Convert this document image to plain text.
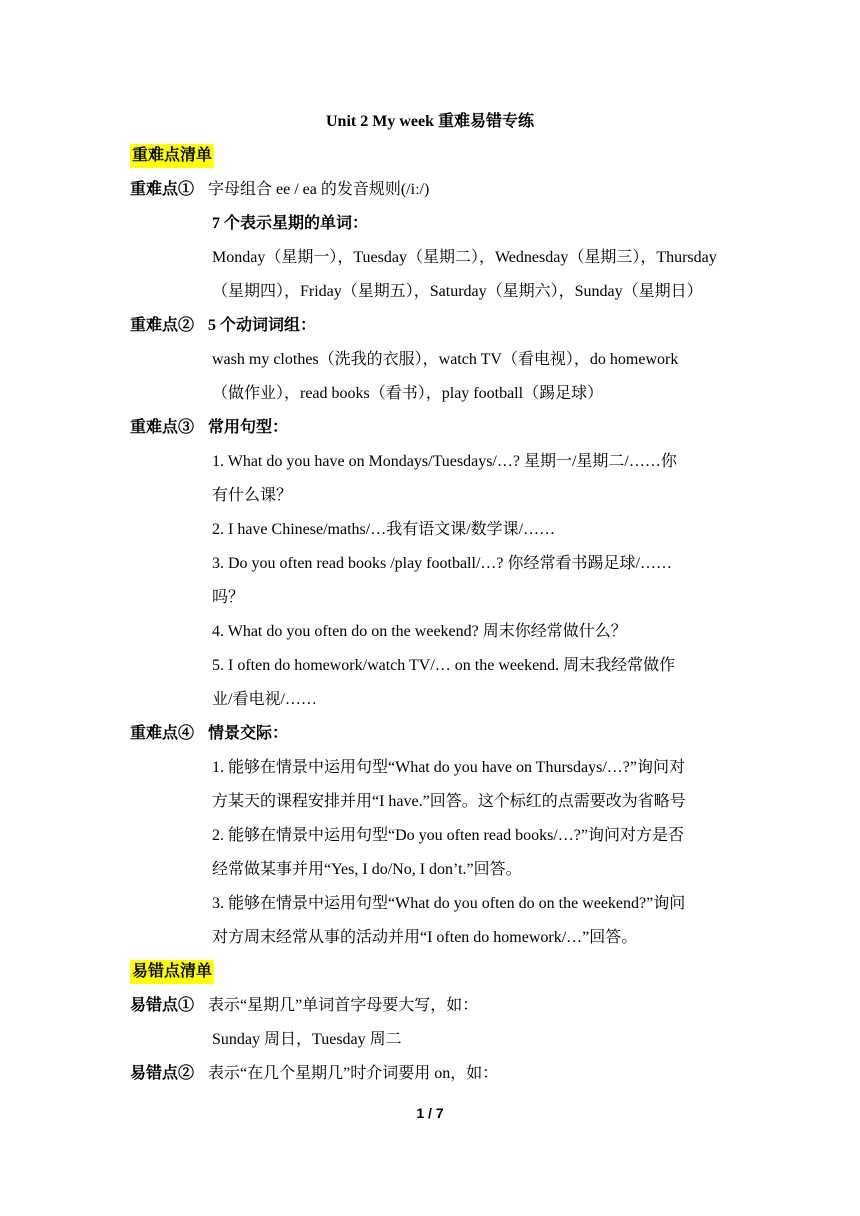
Unit 2 My week 重难易错专练
重难点清单
重难点① 字母组合 ee / ea 的发音规则(/iː/)
7 个表示星期的单词：
Monday（星期一），Tuesday（星期二），Wednesday（星期三），Thursday
（星期四），Friday（星期五），Saturday（星期六），Sunday（星期日）
重难点② 5 个动词词组：
wash my clothes（洗我的衣服），watch TV（看电视），do homework
（做作业），read books（看书），play football（踢足球）
重难点③ 常用句型：
1. What do you have on Mondays/Tuesdays/…? 星期一/星期二/……你
有什么课？
2. I have Chinese/maths/…我有语文课/数学课/……
3. Do you often read books /play football/…? 你经常看书踢足球/……
吗？
4. What do you often do on the weekend? 周末你经常做什么？
5. I often do homework/watch TV/… on the weekend. 周末我经常做作
业/看电视/……
重难点④ 情景交际：
1. 能够在情景中运用句型“What do you have on Thursdays/…?”询问对
方某天的课程安排并用“I have.”回答。这个标红的点需要改为省略号
2. 能够在情景中运用句型“Do you often read books/…?”询问对方是否
经常做某事并用“Yes, I do/No, I don’t.”回答。
3. 能够在情景中运用句型“What do you often do on the weekend?”询问
对方周末经常从事的活动并用“I often do homework/…”回答。
易错点清单
易错点① 表示“星期几”单词首字母要大写，如：
Sunday 周日，Tuesday 周二
易错点② 表示“在几个星期几”时介词要用 on，如：
1 / 7
